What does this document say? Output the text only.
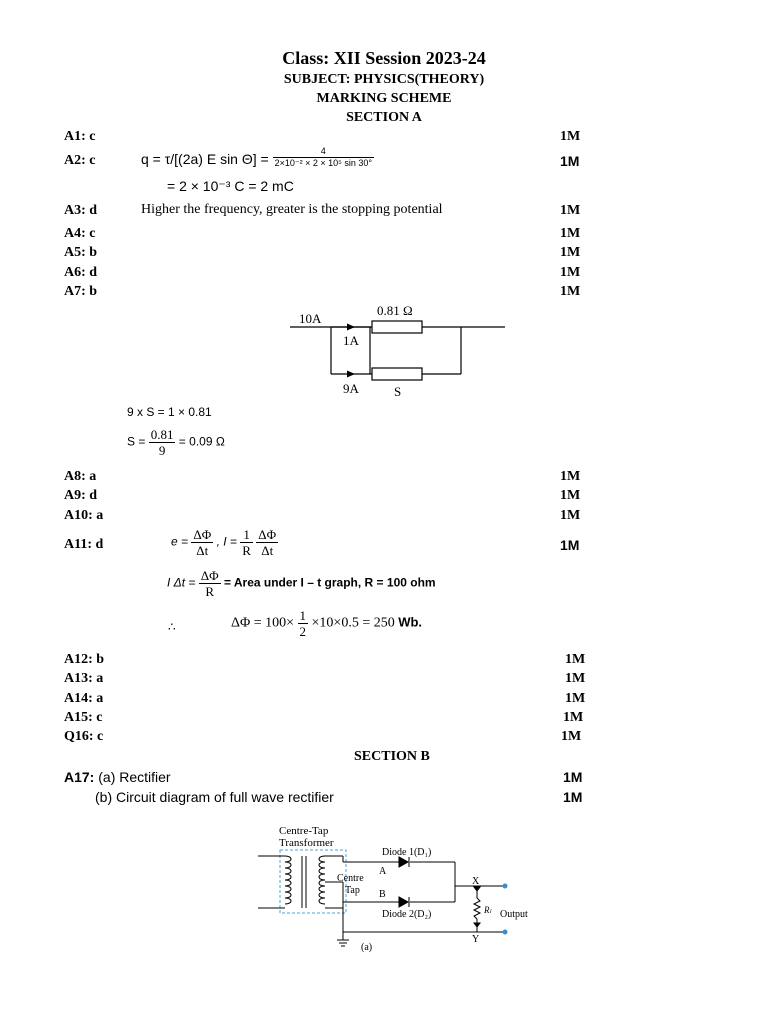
Class: XII Session 2023-24
SUBJECT: PHYSICS(THEORY)
MARKING SCHEME
SECTION A
A1: c	1M
A2: c	1M
q = τ/[(2a) E $\sin \Theta] = \frac{4}{\text{2×10⁻² × 2 × 10⁵ sin 30°}}$
= 2 × 10⁻³ C = 2 mC
A3: d	Higher the frequency, greater is the stopping potential	1M
A4: c	1M
A5: b	1M
A6: d	1M
A7: b	1M
10A
0.81 Ω
1A
9A	S
9 x S = 1 × 0.81
$S = \frac{0.81}{9} = 0.09$ Ω
A8: a	1M
A9: d	1M
A10: a	1M
A11: d	1M
$e = \frac{\Delta\Phi}{\Delta t}$ , $I = \frac{1}{R}$
$\frac{\Delta\Phi}{\Delta t}$
I $\Delta t = \frac{\Delta\Phi}{R}$ = Area under I – t graph, R = 100 ohm
∴	$\Delta\Phi = 100\times \frac{1}{2} \times 10\times 0.5 = 250$ Wb.
A12: b	1M
A13: a	1M
A14: a	1M
A15: c	1M
Q16: c	1M
SECTION B
A17: (a) Rectifier	1M
(b) Circuit diagram of full wave rectifier	1M
Centre-Tap
Transformer
Diode 1(D₁)
Diode 2(D₂)
A
B
Centre
Tap
X
Y
Rₗ Output
(a)
